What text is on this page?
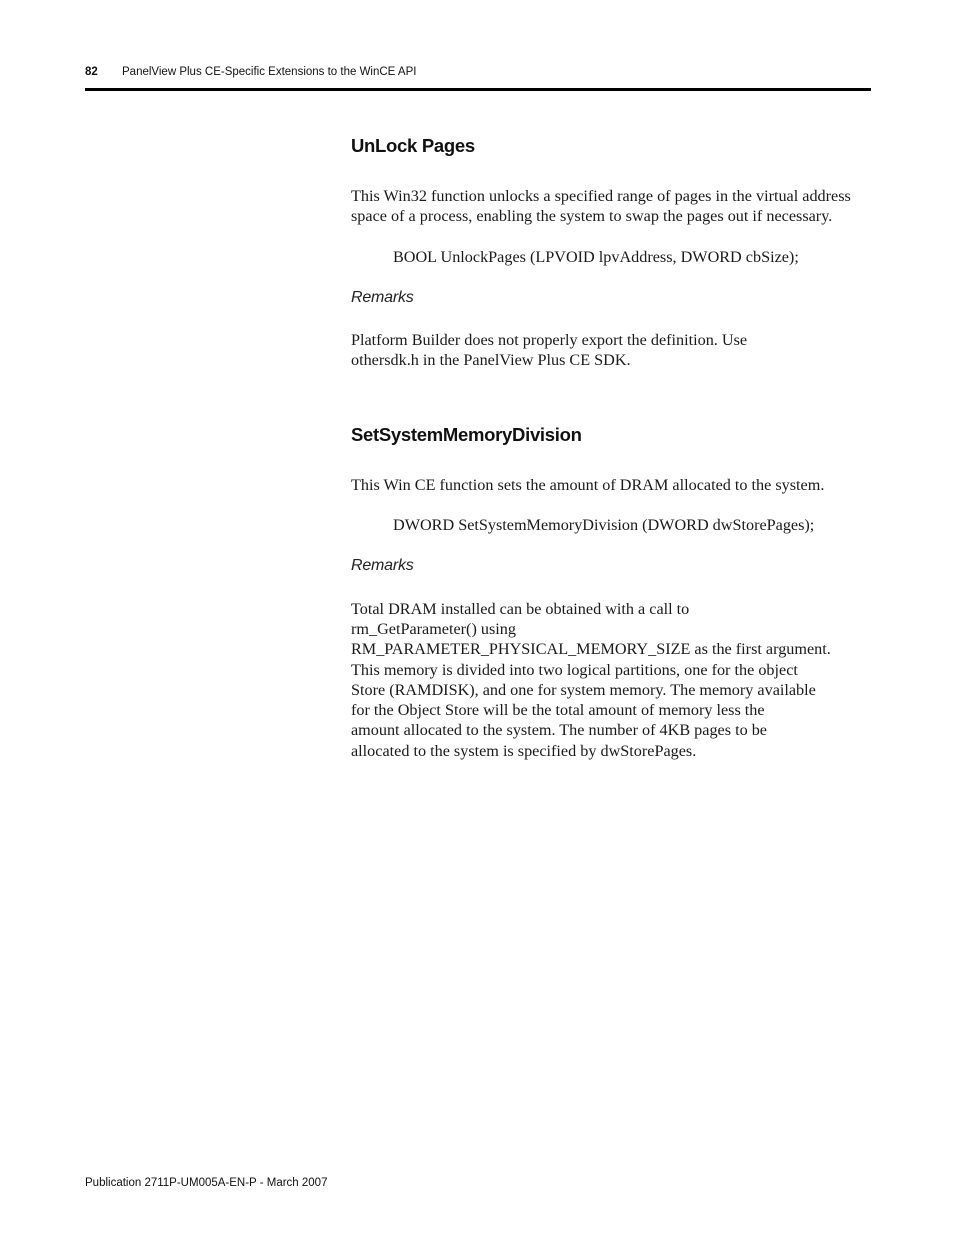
82 PanelView Plus CE-Specific Extensions to the WinCE API
UnLock Pages

This Win32 function unlocks a specified range of pages in the virtual address space of a process, enabling the system to swap the pages out if necessary.

BOOL UnlockPages (LPVOID lpvAddress, DWORD cbSize);

Remarks

Platform Builder does not properly export the definition. Use
othersdk.h in the PanelView Plus CE SDK.

SetSystemMemoryDivision

This Win CE function sets the amount of DRAM allocated to the system.

DWORD SetSystemMemoryDivision (DWORD dwStorePages);

Remarks

Total DRAM installed can be obtained with a call to
rm_GetParameter() using
RM_PARAMETER_PHYSICAL_MEMORY_SIZE as the first argument.
This memory is divided into two logical partitions, one for the object
Store (RAMDISK), and one for system memory. The memory available
for the Object Store will be the total amount of memory less the
amount allocated to the system. The number of 4KB pages to be
allocated to the system is specified by dwStorePages.

Publication 2711P-UM005A-EN-P - March 2007
